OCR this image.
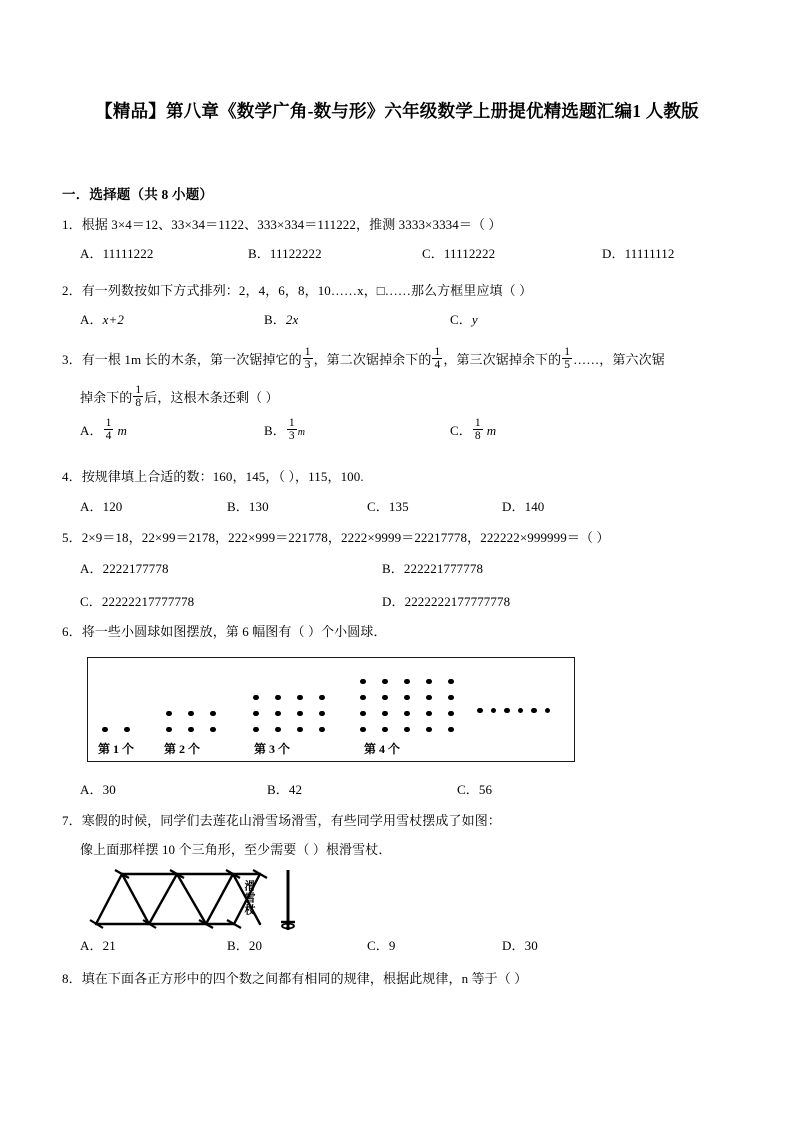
【精品】第八章《数学广角-数与形》六年级数学上册提优精选题汇编1 人教版
一．选择题（共 8 小题）
1．根据 3×4＝12、33×34＝1122、333×334＝111222，推测 3333×3334＝（ ）
A．11111222	B．11122222	C．11112222	D．11111112
2．有一列数按如下方式排列：2，4，6，8，10……x，□……那么方框里应填（ ）
A．x+2	B．2x	C．y
3．有一根 1m 长的木条，第一次锯掉它的 $\frac{1}{3}$ ，第二次锯掉余下的 $\frac{1}{4}$ ，第三次锯掉余下的 $\frac{1}{5}$ ……，第六次锯
掉余下的 $\frac{1}{8}$ 后，这根木条还剩（ ）
A． $\frac{1}{4}$ m	B． $\frac{1}{3}$ m	C． $\frac{1}{8}$ m
4．按规律填上合适的数：160，145，（ ），115，100.
A．120	B．130	C．135	D．140
5．2×9＝18，22×99＝2178，222×999＝221778，2222×9999＝22217778，222222×999999＝（ ）
A．2222177778	B．222221777778
C．22222217777778	D．2222222177777778
6．将一些小圆球如图摆放，第 6 幅图有（ ）个小圆球．
第 1 个 第 2 个	第 3 个	第 4 个
A．30	B．42	C．56
7．寒假的时候，同学们去莲花山滑雪场滑雪，有些同学用雪杖摆成了如图：
像上面那样摆 10 个三角形，至少需要（ ）根滑雪杖．
滑雪杖
A．21	B．20	C．9	D．30
8．填在下面各正方形中的四个数之间都有相同的规律，根据此规律，n 等于（ ）
